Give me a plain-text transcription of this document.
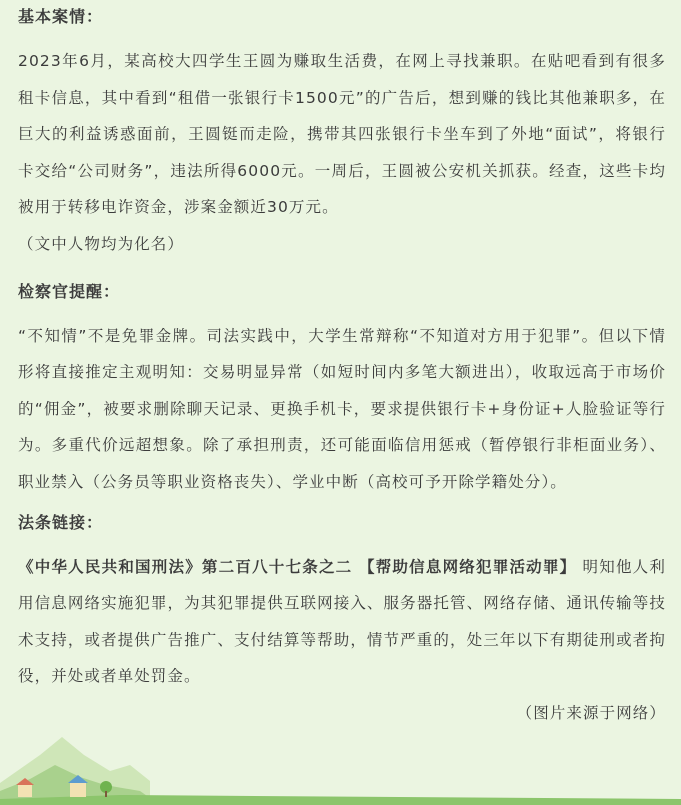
基本案情：

2023年6月，某高校大四学生王圆为赚取生活费，在网上寻找兼职。在贴吧看到有很多租卡信息，其中看到“租借一张银行卡1500元”的广告后，想到赚的钱比其他兼职多，在巨大的利益诱惑面前，王圆铤而走险，携带其四张银行卡坐车到了外地“面试”，将银行卡交给“公司财务”，违法所得6000元。一周后，王圆被公安机关抓获。经查，这些卡均被用于转移电诈资金，涉案金额近30万元。

（文中人物均为化名）

检察官提醒：

“不知情”不是免罪金牌。司法实践中，大学生常辩称“不知道对方用于犯罪”。但以下情形将直接推定主观明知：交易明显异常（如短时间内多笔大额进出），收取远高于市场价的“佣金”，被要求删除聊天记录、更换手机卡，要求提供银行卡+身份证+人脸验证等行为。多重代价远超想象。除了承担刑责，还可能面临信用惩戒（暂停银行非柜面业务）、职业禁入（公务员等职业资格丧失）、学业中断（高校可予开除学籍处分）。

法条链接：

《中华人民共和国刑法》第二百八十七条之二 【帮助信息网络犯罪活动罪】 明知他人利用信息网络实施犯罪，为其犯罪提供互联网接入、服务器托管、网络存储、通讯传输等技术支持，或者提供广告推广、支付结算等帮助，情节严重的，处三年以下有期徒刑或者拘役，并处或者单处罚金。

（图片来源于网络）
